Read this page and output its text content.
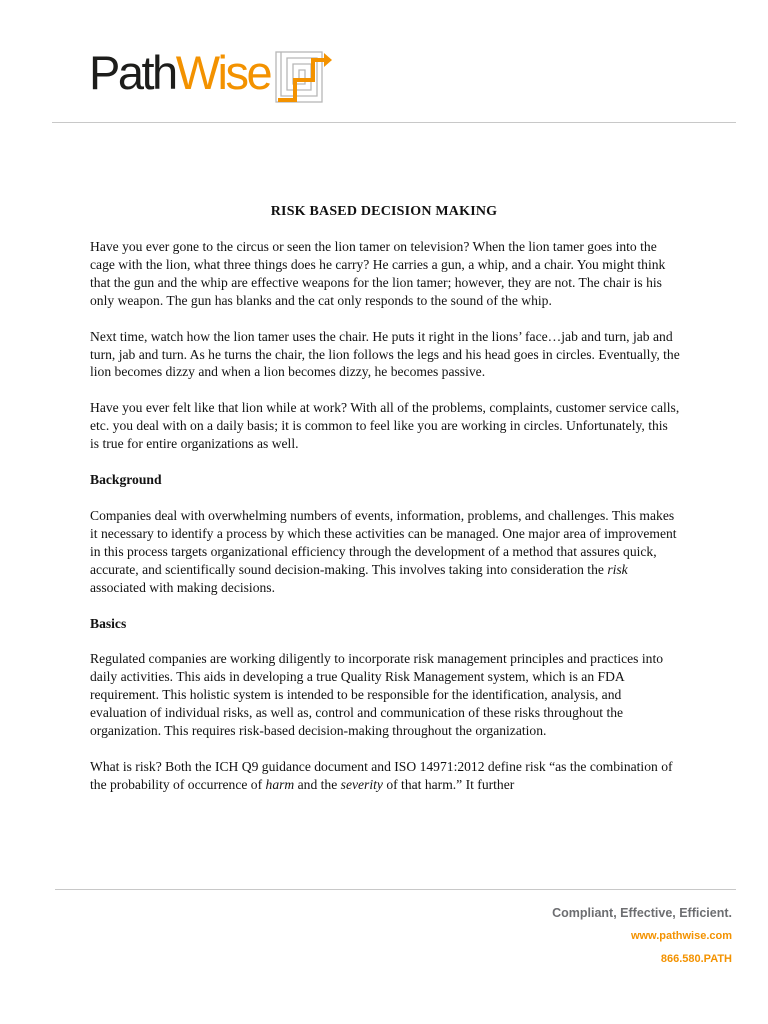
Path Wise
RISK BASED DECISION MAKING

Have you ever gone to the circus or seen the lion tamer on television? When the lion tamer goes into the cage with the lion, what three things does he carry? He carries a gun, a whip, and a chair. You might think that the gun and the whip are effective weapons for the lion tamer; however, they are not. The chair is his only weapon. The gun has blanks and the cat only responds to the sound of the whip.

Next time, watch how the lion tamer uses the chair. He puts it right in the lions’ face…jab and turn, jab and turn, jab and turn. As he turns the chair, the lion follows the legs and his head goes in circles. Eventually, the lion becomes dizzy and when a lion becomes dizzy, he becomes passive.

Have you ever felt like that lion while at work? With all of the problems, complaints, customer service calls, etc. you deal with on a daily basis; it is common to feel like you are working in circles. Unfortunately, this is true for entire organizations as well.

Background

Companies deal with overwhelming numbers of events, information, problems, and challenges. This makes it necessary to identify a process by which these activities can be managed. One major area of improvement in this process targets organizational efficiency through the development of a method that assures quick, accurate, and scientifically sound decision-making. This involves taking into consideration the risk associated with making decisions.

Basics

Regulated companies are working diligently to incorporate risk management principles and practices into daily activities. This aids in developing a true Quality Risk Management system, which is an FDA requirement. This holistic system is intended to be responsible for the identification, analysis, and evaluation of individual risks, as well as, control and communication of these risks throughout the organization. This requires risk-based decision-making throughout the organization.

What is risk? Both the ICH Q9 guidance document and ISO 14971:2012 define risk “as the combination of the probability of occurrence of harm and the severity of that harm.” It further

Compliant, Effective, Efficient.
www.pathwise.com
866.580.PATH
